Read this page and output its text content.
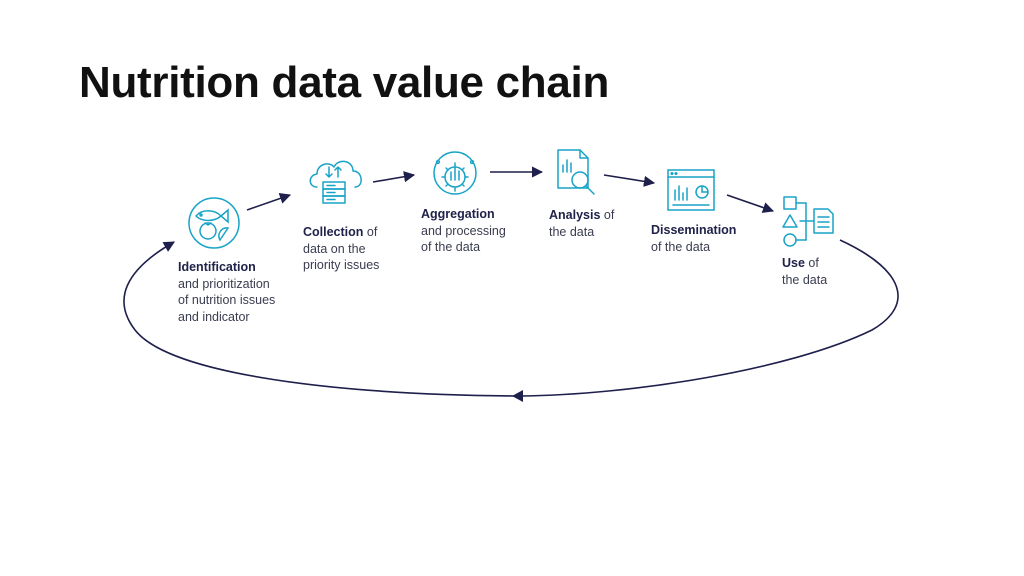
Nutrition data value chain
Identification
and prioritization
of nutrition issues
and indicator
Collection of
data on the
priority issues
Aggregation
and processing
of the data
Analysis of
the data	Dissemination
of the data
Use of
the data
